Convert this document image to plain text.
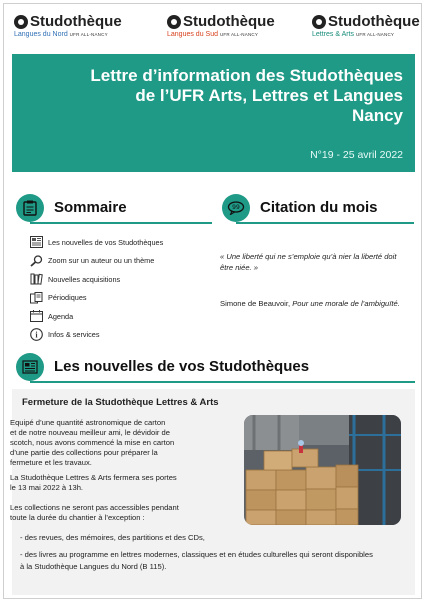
Studothèque
Langues du Nord UFR ALL-NANCY
Studothèque
Langues du Sud UFR ALL-NANCY
Studothèque
Lettres & Arts UFR ALL-NANCY
Lettre d’information des Studothèques
de l’UFR Arts, Lettres et Langues
Nancy
N°19 - 25 avril 2022
Sommaire	99 Citation du mois
Les nouvelles de vos Studothèques
Zoom sur un auteur ou un thème
Nouvelles acquisitions
Périodiques
Agenda
i Infos & services
« Une liberté qui ne s’emploie qu’à nier la liberté doit être niée. »
Simone de Beauvoir, Pour une morale de l’ambiguïté.
Les nouvelles de vos Studothèques
Fermeture de la Studothèque Lettres & Arts
Equipé d’une quantité astronomique de carton
et de notre nouveau meilleur ami, le dévidoir de
scotch, nous avons commencé la mise en carton
d’une partie des collections pour préparer la
fermeture et les travaux.
La Studothèque Lettres & Arts fermera ses portes
le 13 mai 2022 à 13h.
Les collections ne seront pas accessibles pendant
toute la durée du chantier à l’exception :
- des revues, des mémoires, des partitions et des CDs,
- des livres au programme en lettres modernes, classiques et en études culturelles qui seront disponibles
à la Studothèque Langues du Nord (B 115).
